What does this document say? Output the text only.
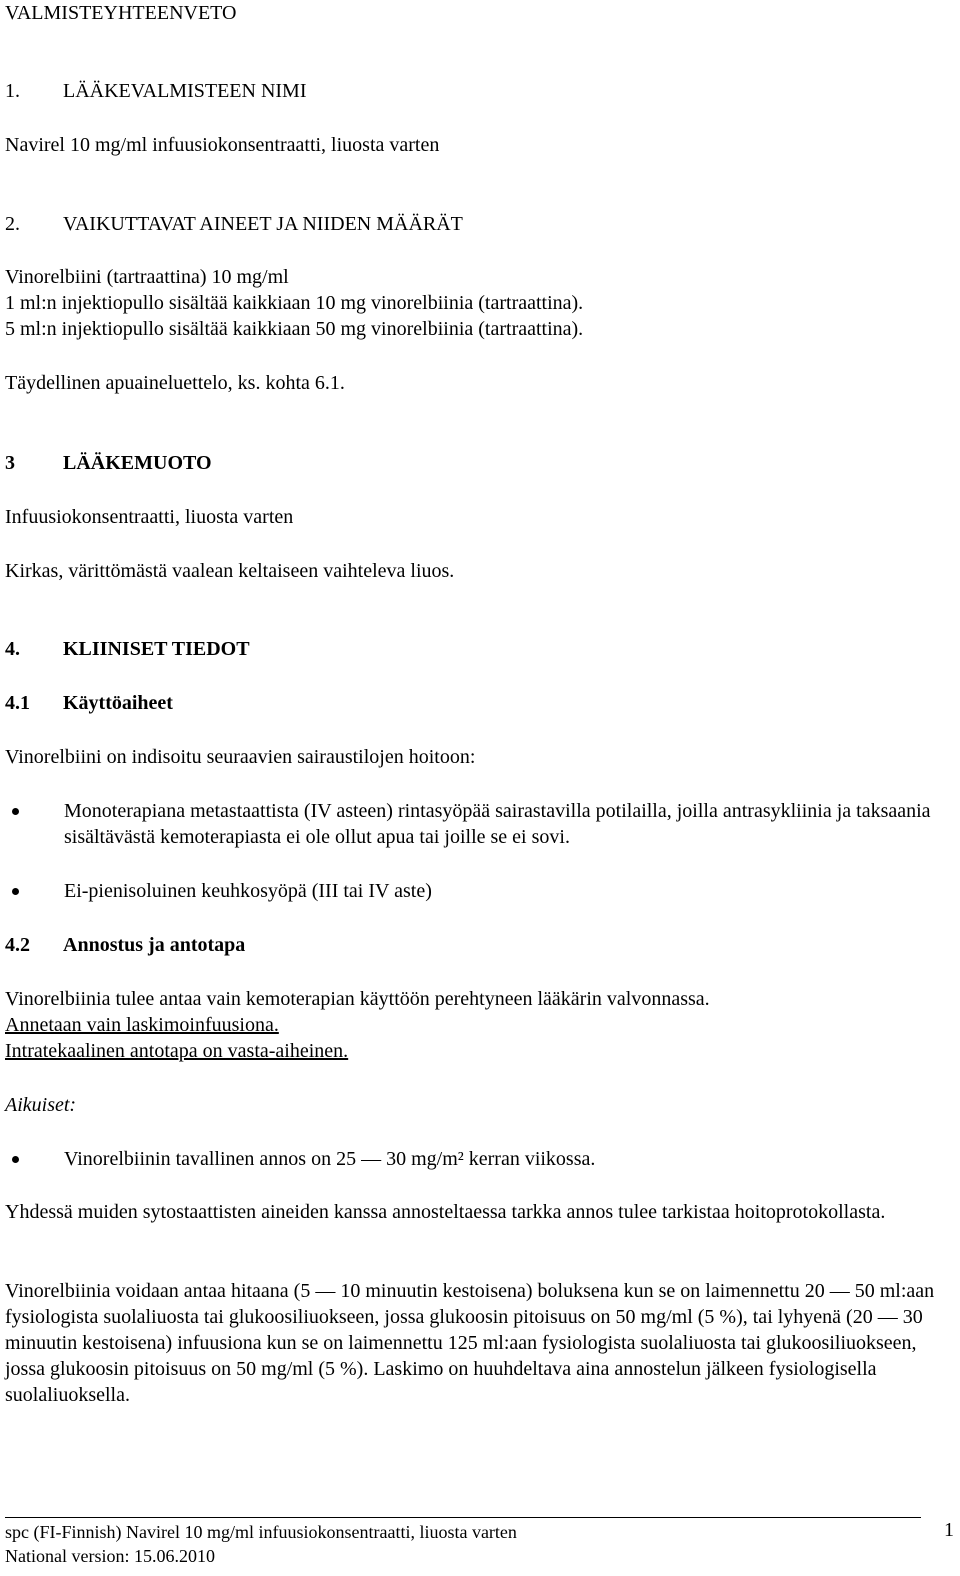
VALMISTEYHTEENVETO

1. LÄÄKEVALMISTEEN NIMI

Navirel 10 mg/ml infuusiokonsentraatti, liuosta varten

2. VAIKUTTAVAT AINEET JA NIIDEN MÄÄRÄT

Vinorelbiini (tartraattina) 10 mg/ml

1 ml:n injektiopullo sisältää kaikkiaan 10 mg vinorelbiinia (tartraattina).

5 ml:n injektiopullo sisältää kaikkiaan 50 mg vinorelbiinia (tartraattina).

Täydellinen apuaineluettelo, ks. kohta 6.1.

3 LÄÄKEMUOTO

Infuusiokonsentraatti, liuosta varten

Kirkas, värittömästä vaalean keltaiseen vaihteleva liuos.

4. KLIINISET TIEDOT

4.1 Käyttöaiheet

Vinorelbiini on indisoitu seuraavien sairaustilojen hoitoon:

Monoterapiana metastaattista (IV asteen) rintasyöpää sairastavilla potilailla, joilla antrasykliinia ja taksaania sisältävästä kemoterapiasta ei ole ollut apua tai joille se ei sovi.
Ei-pienisoluinen keuhkosyöpä (III tai IV aste)

4.2 Annostus ja antotapa

Vinorelbiinia tulee antaa vain kemoterapian käyttöön perehtyneen lääkärin valvonnassa.

Annetaan vain laskimoinfuusiona.

Intratekaalinen antotapa on vasta-aiheinen.

Aikuiset:

Vinorelbiinin tavallinen annos on 25 — 30 mg/m² kerran viikossa.

Yhdessä muiden sytostaattisten aineiden kanssa annosteltaessa tarkka annos tulee tarkistaa hoitoprotokollasta.

Vinorelbiinia voidaan antaa hitaana (5 — 10 minuutin kestoisena) boluksena kun se on laimennettu 20 — 50 ml:aan fysiologista suolaliuosta tai glukoosiliuokseen, jossa glukoosin pitoisuus on 50 mg/ml (5 %), tai lyhyenä (20 — 30 minuutin kestoisena) infuusiona kun se on laimennettu 125 ml:aan fysiologista suolaliuosta tai glukoosiliuokseen, jossa glukoosin pitoisuus on 50 mg/ml (5 %). Laskimo on huuhdeltava aina annostelun jälkeen fysiologisella suolaliuoksella.

spc (FI-Finnish) Navirel 10 mg/ml infuusiokonsentraatti, liuosta varten
National version: 15.06.2010
1
